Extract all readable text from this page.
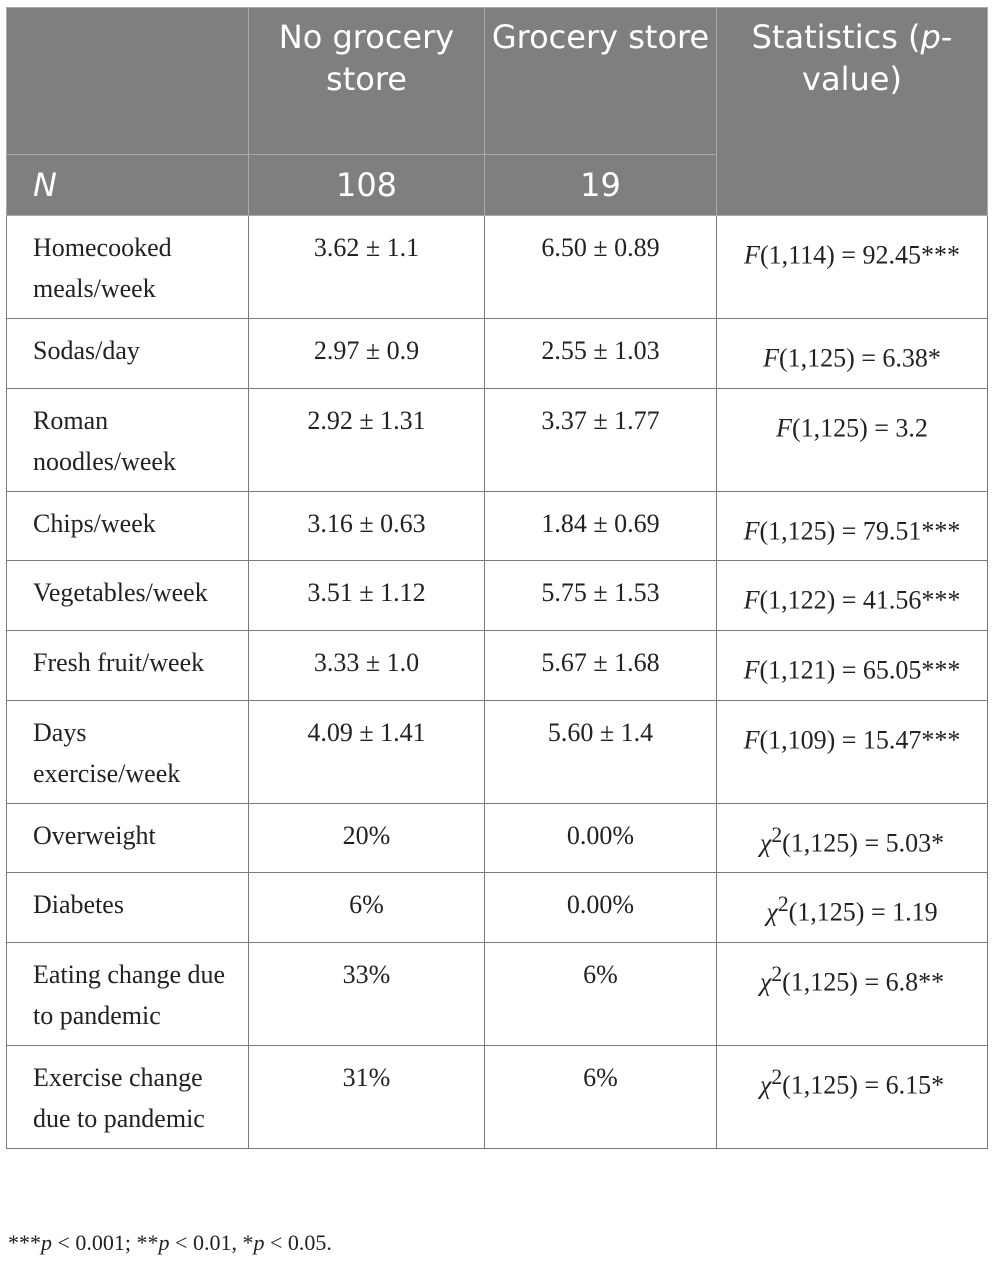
	No grocery store	Grocery store	Statistics (p-value)
N	108	19	
Homecooked meals/week	3.62 ± 1.1	6.50 ± 0.89	F(1,114) = 92.45***
Sodas/day	2.97 ± 0.9	2.55 ± 1.03	F(1,125) = 6.38*
Roman noodles/week	2.92 ± 1.31	3.37 ± 1.77	F(1,125) = 3.2
Chips/week	3.16 ± 0.63	1.84 ± 0.69	F(1,125) = 79.51***
Vegetables/week	3.51 ± 1.12	5.75 ± 1.53	F(1,122) = 41.56***
Fresh fruit/week	3.33 ± 1.0	5.67 ± 1.68	F(1,121) = 65.05***
Days exercise/week	4.09 ± 1.41	5.60 ± 1.4	F(1,109) = 15.47***
Overweight	20%	0.00%	$\chi^2(1,125) = 5.03*$
Diabetes	6%	0.00%	$\chi^2(1,125) = 1.19$
Eating change due to pandemic	33%	6%	$\chi^2(1,125) = 6.8**$
Exercise change due to pandemic	31%	6%	$\chi^2(1,125) = 6.15*$
***p < 0.001; **p < 0.01, *p < 0.05.
